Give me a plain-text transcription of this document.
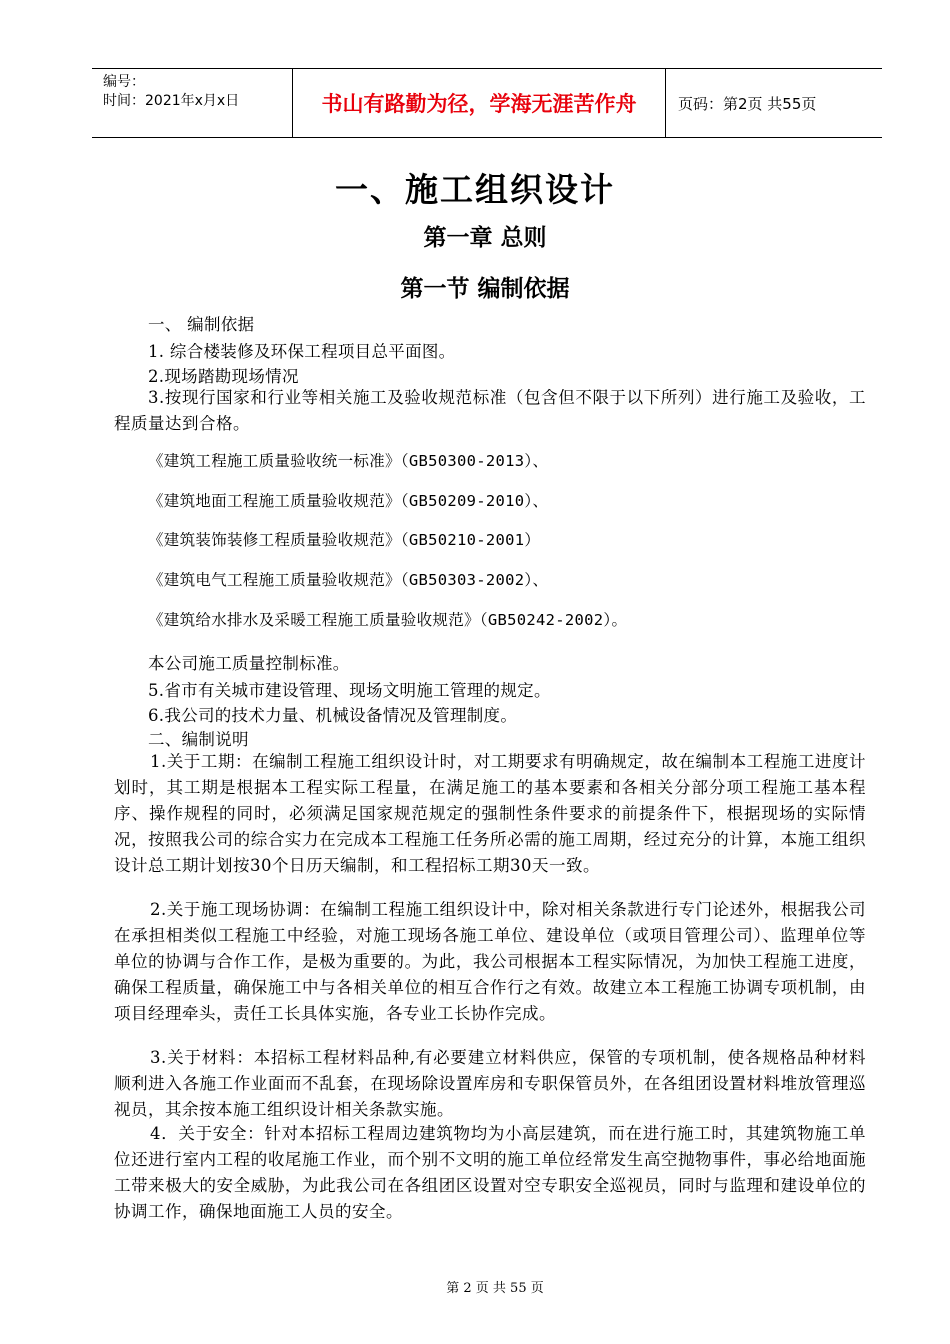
编号：
时间：2021年x月x日	书山有路勤为径，学海无涯苦作舟	页码：第2页 共55页
一、施工组织设计
第一章 总则
第一节 编制依据
一、 编制依据
1. 综合楼装修及环保工程项目总平面图。
2.现场踏勘现场情况
3.按现行国家和行业等相关施工及验收规范标准（包含但不限于以下所列）进行施工及验收，工程质量达到合格。
《建筑工程施工质量验收统一标准》（GB50300-2013）、
《建筑地面工程施工质量验收规范》（GB50209-2010）、
《建筑装饰装修工程质量验收规范》（GB50210-2001）
《建筑电气工程施工质量验收规范》（GB50303-2002）、
《建筑给水排水及采暖工程施工质量验收规范》（GB50242-2002）。
本公司施工质量控制标准。
5.省市有关城市建设管理、现场文明施工管理的规定。
6.我公司的技术力量、机械设备情况及管理制度。
二、编制说明
1.关于工期：在编制工程施工组织设计时，对工期要求有明确规定，故在编制本工程施工进度计划时，其工期是根据本工程实际工程量，在满足施工的基本要素和各相关分部分项工程施工基本程序、操作规程的同时，必须满足国家规范规定的强制性条件要求的前提条件下，根据现场的实际情况，按照我公司的综合实力在完成本工程施工任务所必需的施工周期，经过充分的计算，本施工组织设计总工期计划按30个日历天编制，和工程招标工期30天一致。
2.关于施工现场协调：在编制工程施工组织设计中，除对相关条款进行专门论述外，根据我公司在承担相类似工程施工中经验，对施工现场各施工单位、建设单位（或项目管理公司）、监理单位等单位的协调与合作工作，是极为重要的。为此，我公司根据本工程实际情况，为加快工程施工进度，确保工程质量，确保施工中与各相关单位的相互合作行之有效。故建立本工程施工协调专项机制，由项目经理牵头，责任工长具体实施，各专业工长协作完成。
3.关于材料：本招标工程材料品种,有必要建立材料供应，保管的专项机制，使各规格品种材料顺利进入各施工作业面而不乱套，在现场除设置库房和专职保管员外，在各组团设置材料堆放管理巡视员，其余按本施工组织设计相关条款实施。
4．关于安全：针对本招标工程周边建筑物均为小高层建筑，而在进行施工时，其建筑物施工单位还进行室内工程的收尾施工作业，而个别不文明的施工单位经常发生高空抛物事件，事必给地面施工带来极大的安全威胁，为此我公司在各组团区设置对空专职安全巡视员，同时与监理和建设单位的协调工作，确保地面施工人员的安全。
第 2 页 共 55 页
